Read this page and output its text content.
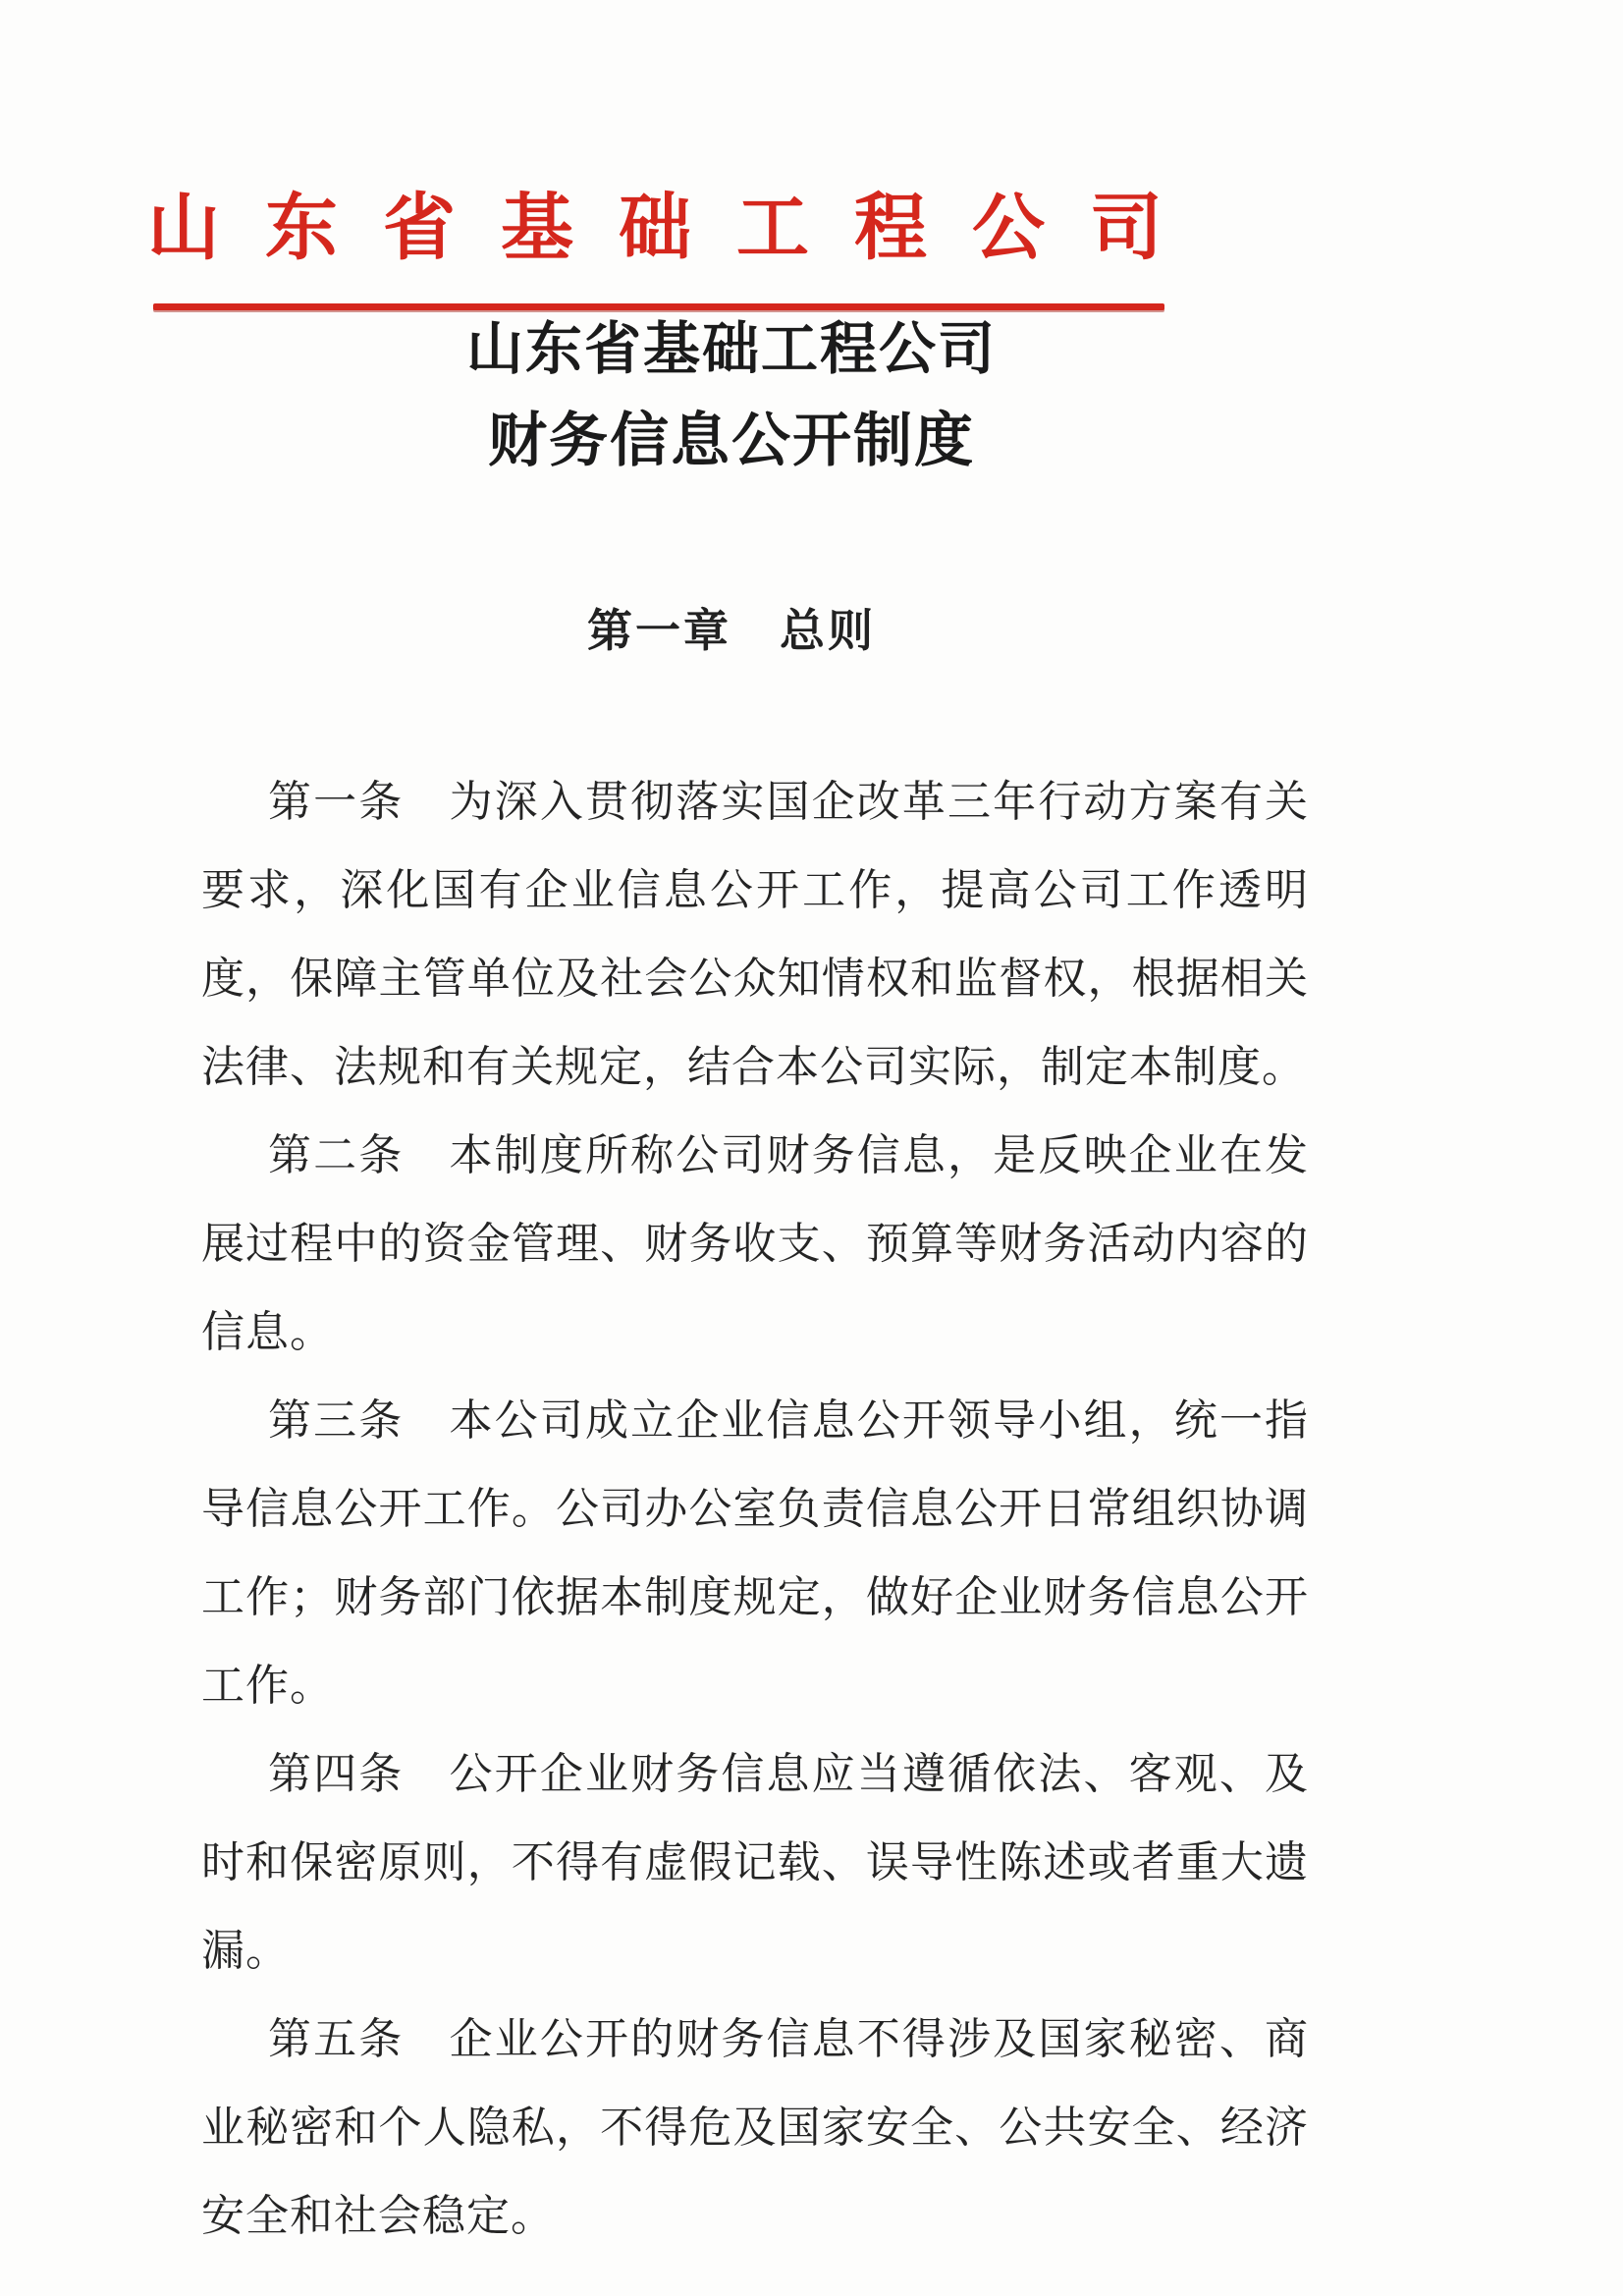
山东省基础工程公司
山东省基础工程公司
财务信息公开制度
第一章　总则

第一条　为深入贯彻落实国企改革三年行动方案有关要求，深化国有企业信息公开工作，提高公司工作透明度，保障主管单位及社会公众知情权和监督权，根据相关法律、法规和有关规定，结合本公司实际，制定本制度。

第二条　本制度所称公司财务信息，是反映企业在发展过程中的资金管理、财务收支、预算等财务活动内容的信息。

第三条　本公司成立企业信息公开领导小组，统一指导信息公开工作。公司办公室负责信息公开日常组织协调工作；财务部门依据本制度规定，做好企业财务信息公开工作。

第四条　公开企业财务信息应当遵循依法、客观、及时和保密原则，不得有虚假记载、误导性陈述或者重大遗漏。

第五条　企业公开的财务信息不得涉及国家秘密、商业秘密和个人隐私，不得危及国家安全、公共安全、经济安全和社会稳定。
